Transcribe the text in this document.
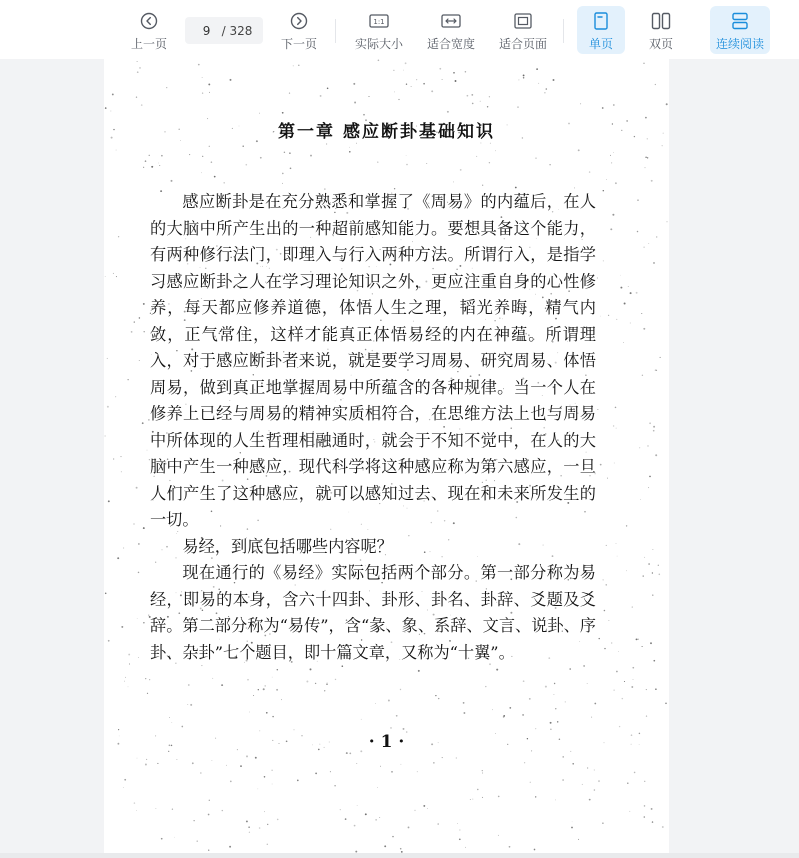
上一页
9
/ 328
下一页
1:1
实际大小 适合宽度 适合页面	单页	双页	连续阅读
第一章 感应断卦基础知识

感应断卦是在充分熟悉和掌握了《周易》的内蕴后，在人的大脑中所产生出的一种超前感知能力。要想具备这个能力，有两种修行法门，即理入与行入两种方法。所谓行入，是指学习感应断卦之人在学习理论知识之外，更应注重自身的心性修养，每天都应修养道德，体悟人生之理，韬光养晦，精气内敛，正气常住，这样才能真正体悟易经的内在神蕴。所谓理入，对于感应断卦者来说，就是要学习周易、研究周易、体悟周易，做到真正地掌握周易中所蕴含的各种规律。当一个人在修养上已经与周易的精神实质相符合，在思维方法上也与周易中所体现的人生哲理相融通时，就会于不知不觉中，在人的大脑中产生一种感应，现代科学将这种感应称为第六感应，一旦人们产生了这种感应，就可以感知过去、现在和未来所发生的一切。

易经，到底包括哪些内容呢？

现在通行的《易经》实际包括两个部分。第一部分称为易经，即易的本身，含六十四卦、卦形、卦名、卦辞、爻题及爻辞。第二部分称为“易传”，含“彖、象、系辞、文言、说卦、序卦、杂卦”七个题目，即十篇文章，又称为“十翼”。

· 1 ·
